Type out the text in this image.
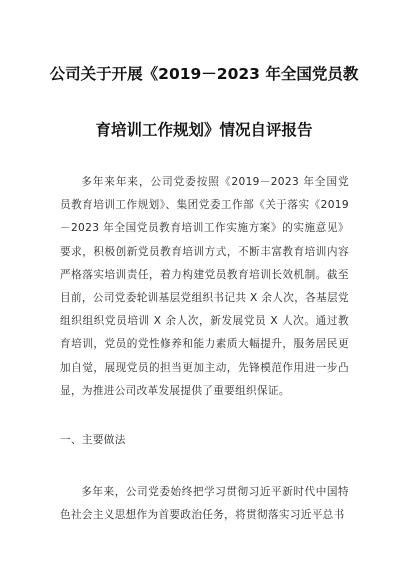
公司关于开展《2019－2023 年全国党员教
育培训工作规划》情况自评报告

多年来年来，公司党委按照《2019－2023 年全国党员教育培训工作规划》、集团党委工作部《关于落实《2019－2023 年全国党员教育培训工作实施方案》的实施意见》要求，积极创新党员教育培训方式，不断丰富教育培训内容严格落实培训责任，着力构建党员教育培训长效机制。截至目前，公司党委轮训基层党组织书记共 X 余人次，各基层党组织组织党员培训 X 余人次，新发展党员 X 人次。通过教育培训，党员的党性修养和能力素质大幅提升，服务居民更加自觉，展现党员的担当更加主动，先锋模范作用进一步凸显，为推进公司改革发展提供了重要组织保证。

一、主要做法

多年来，公司党委始终把学习贯彻习近平新时代中国特色社会主义思想作为首要政治任务，将贯彻落实习近平总书
